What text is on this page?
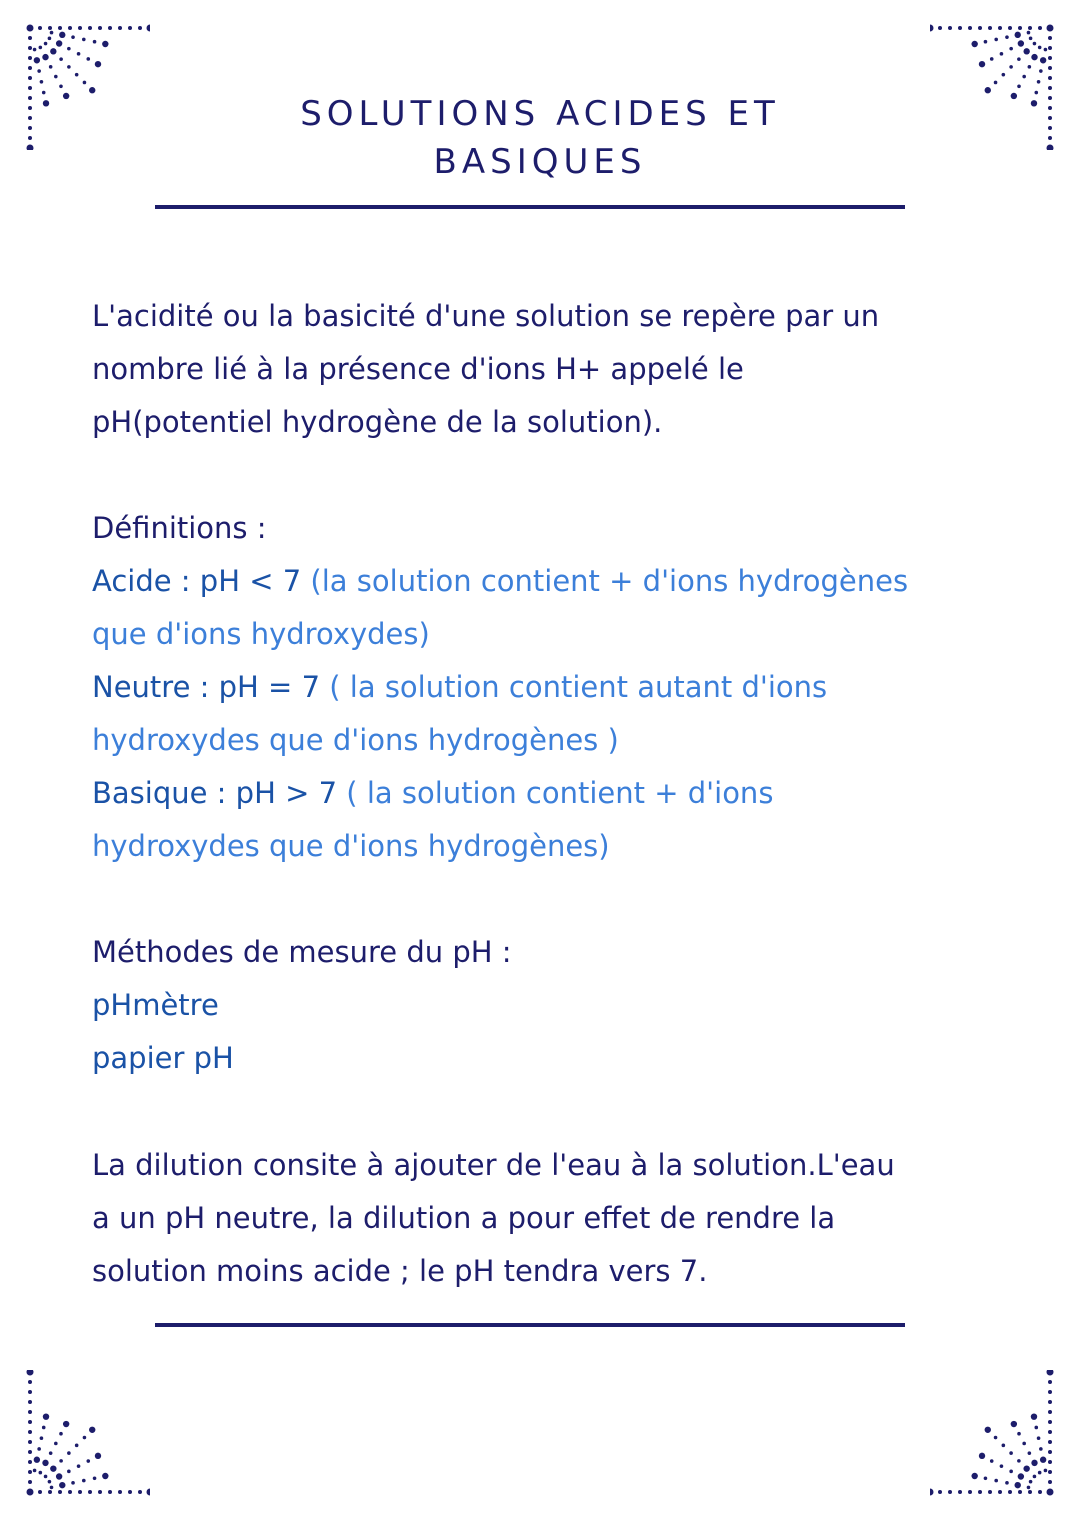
SOLUTIONS ACIDES ET
BASIQUES
L'acidité ou la basicité d'une solution se repère par un
nombre lié à la présence d'ions H+ appelé le
pH(potentiel hydrogène de la solution).
Définitions :
Acide : pH < 7 (la solution contient + d'ions hydrogènes
que d'ions hydroxydes)
Neutre : pH = 7 ( la solution contient autant d'ions
hydroxydes que d'ions hydrogènes )
Basique : pH > 7 ( la solution contient + d'ions
hydroxydes que d'ions hydrogènes)
Méthodes de mesure du pH :
pHmètre
papier pH
La dilution consite à ajouter de l'eau à la solution.L'eau
a un pH neutre, la dilution a pour effet de rendre la
solution moins acide ; le pH tendra vers 7.
